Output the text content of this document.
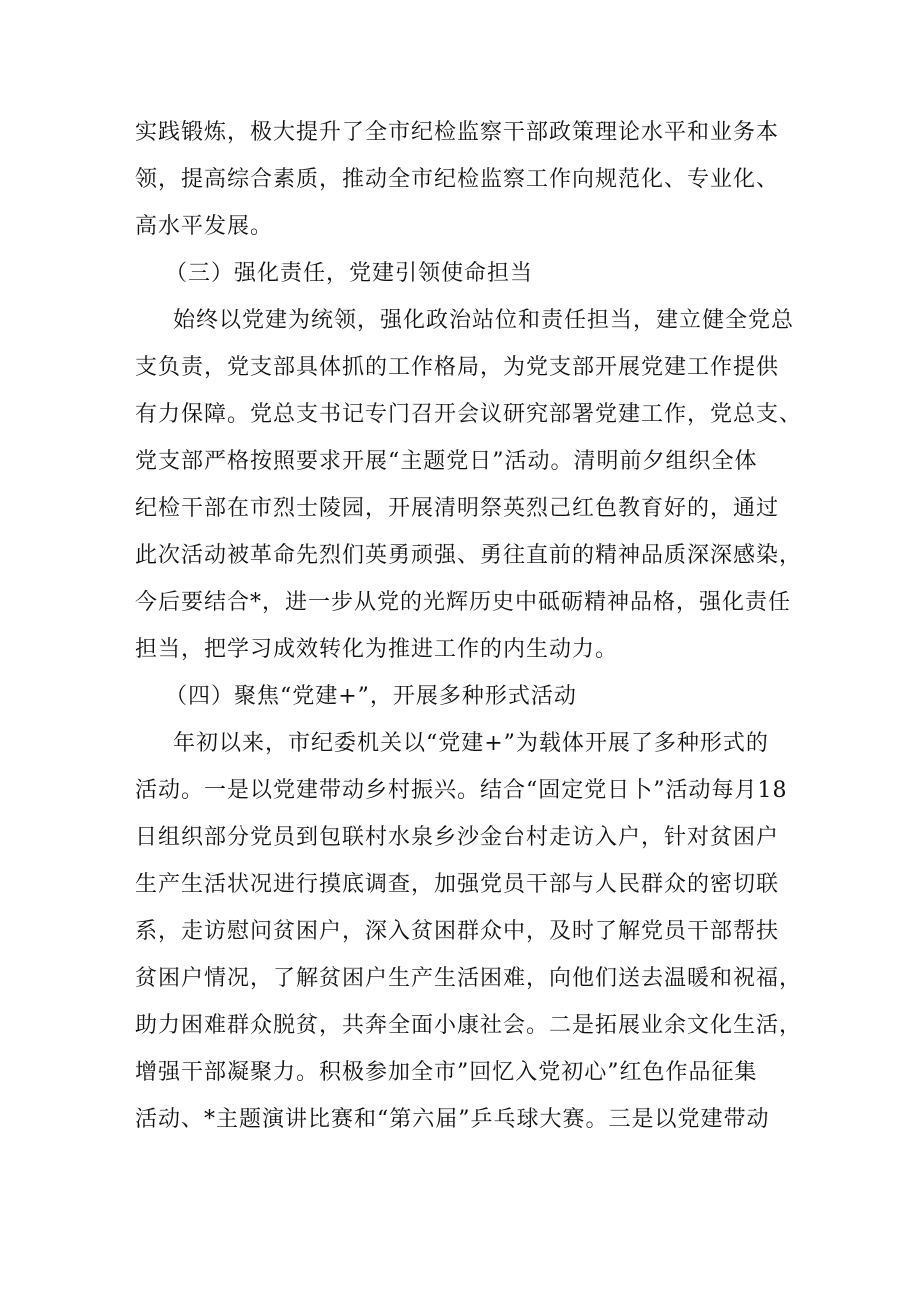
实践锻炼，极大提升了全市纪检监察干部政策理论水平和业务本
领，提高综合素质，推动全市纪检监察工作向规范化、专业化、
高水平发展。
（三）强化责任，党建引领使命担当
始终以党建为统领，强化政治站位和责任担当，建立健全党总
支负责，党支部具体抓的工作格局，为党支部开展党建工作提供
有力保障。党总支书记专门召开会议研究部署党建工作，党总支、
党支部严格按照要求开展“主题党日”活动。清明前夕组织全体
纪检干部在市烈士陵园，开展清明祭英烈己红色教育好的，通过
此次活动被革命先烈们英勇顽强、勇往直前的精神品质深深感染，
今后要结合*，进一步从党的光辉历史中砥砺精神品格，强化责任
担当，把学习成效转化为推进工作的内生动力。
（四）聚焦“党建+”，开展多种形式活动
年初以来，市纪委机关以“党建+”为载体开展了多种形式的
活动。一是以党建带动乡村振兴。结合“固定党日卜”活动每月18
日组织部分党员到包联村水泉乡沙金台村走访入户，针对贫困户
生产生活状况进行摸底调查，加强党员干部与人民群众的密切联
系，走访慰问贫困户，深入贫困群众中，及时了解党员干部帮扶
贫困户情况，了解贫困户生产生活困难，向他们送去温暖和祝福，
助力困难群众脱贫，共奔全面小康社会。二是拓展业余文化生活，
增强干部凝聚力。积极参加全市”回忆入党初心”红色作品征集
活动、*主题演讲比赛和“第六届”乒乓球大赛。三是以党建带动
